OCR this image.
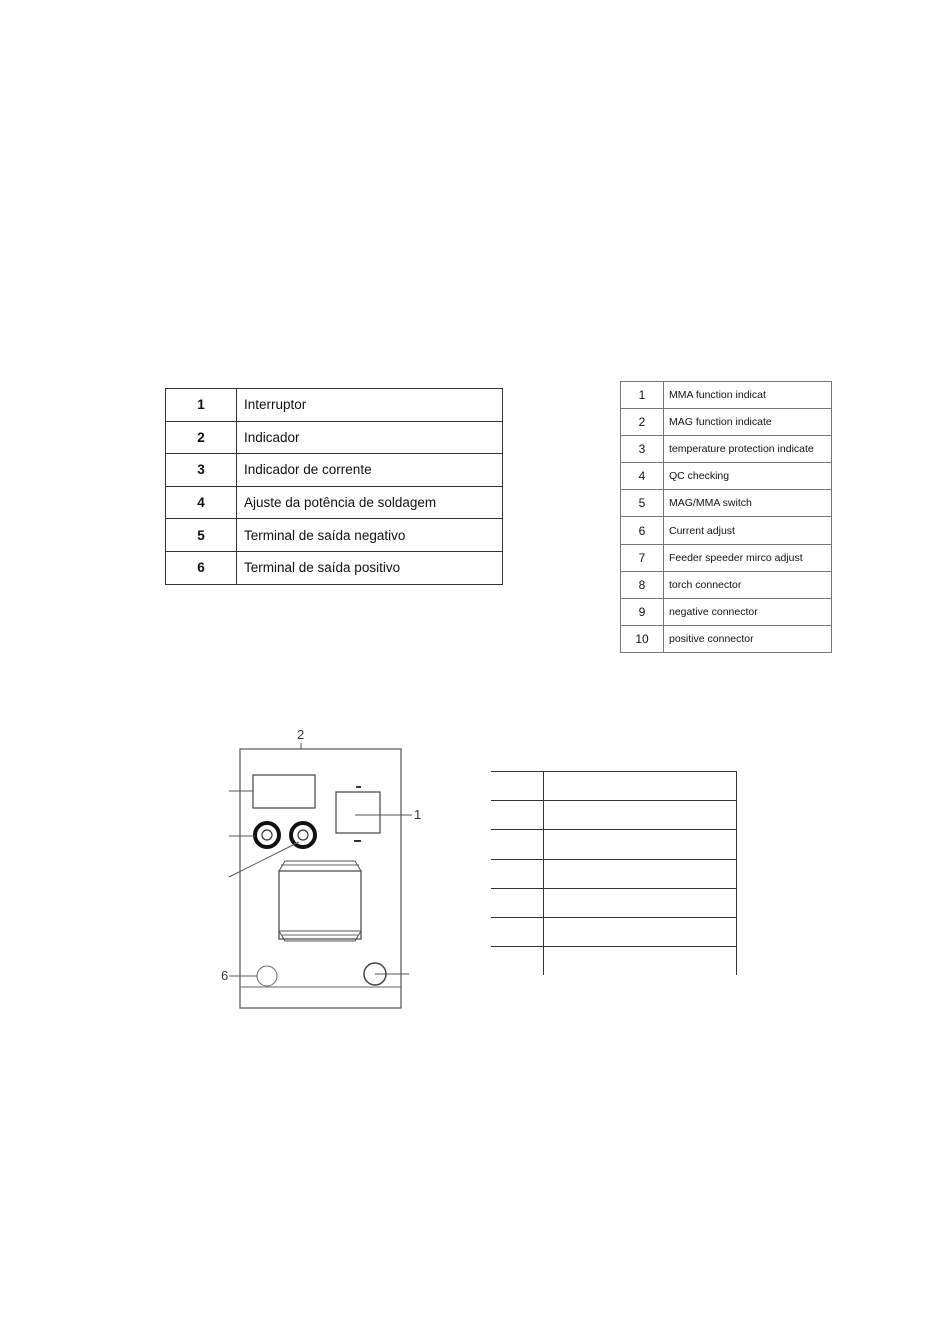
1	Interruptor
2	Indicador
3	Indicador de corrente
4	Ajuste da potência de soldagem
5	Terminal de saída negativo
6	Terminal de saída positivo
1	MMA function indicat
2	MAG function indicate
3	temperature protection indicate
4	QC checking
5	MAG/MMA switch
6	Current adjust
7	Feeder speeder mirco adjust
8	torch connector
9	negative connector
10	positive connector
2
1
6
